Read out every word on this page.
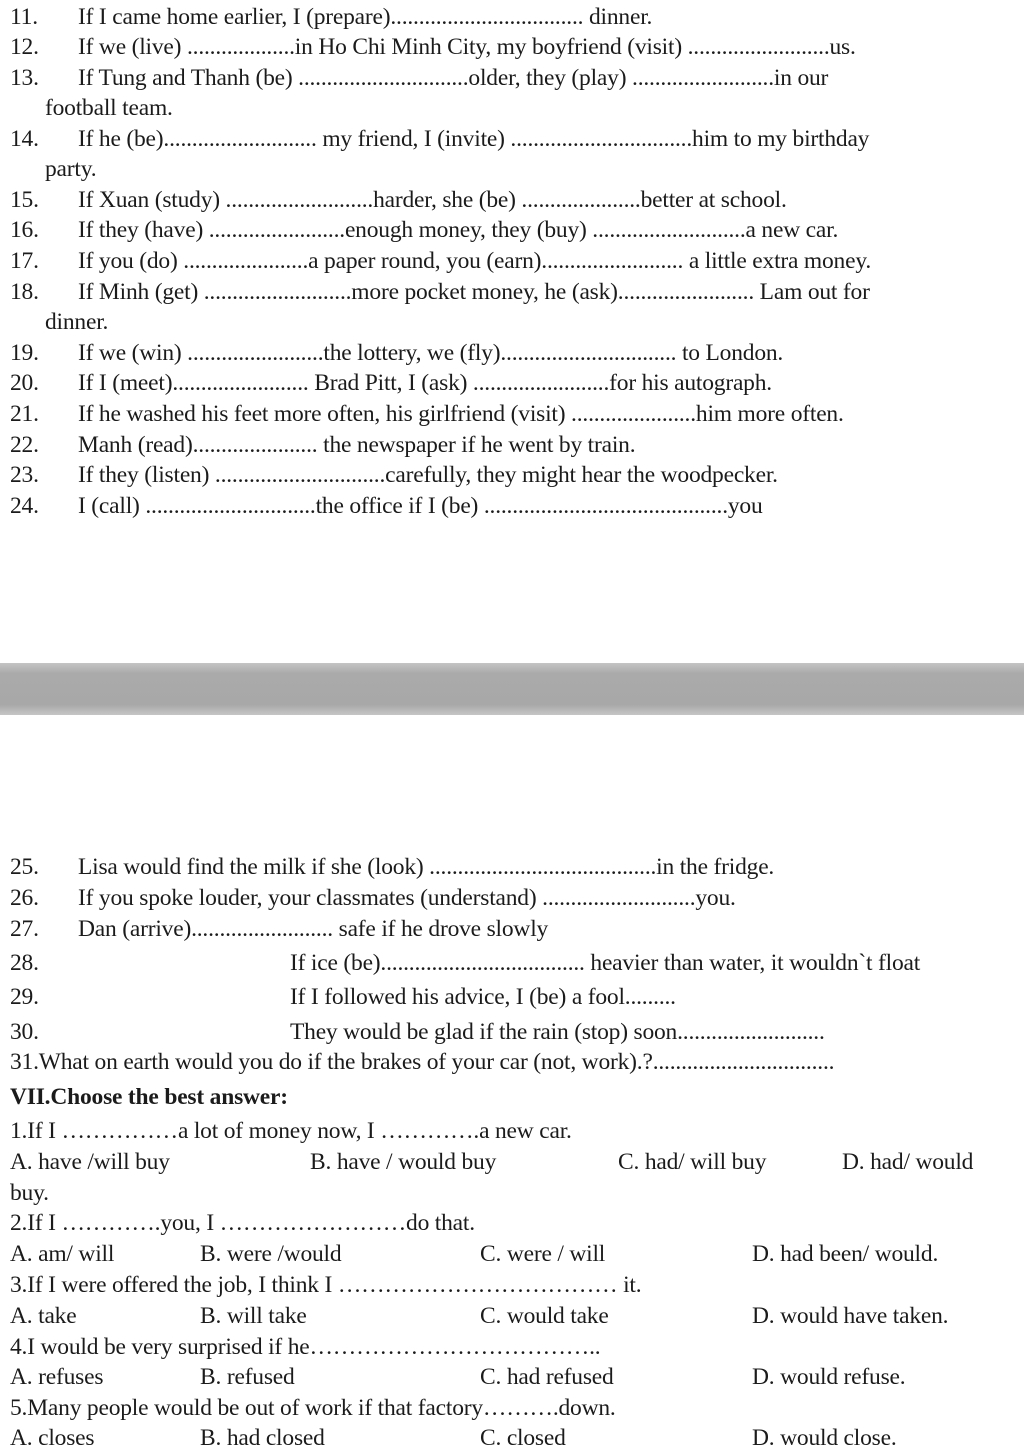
11. If I came home earlier, I (prepare).................................. dinner.
12. If we (live) ...................in Ho Chi Minh City, my boyfriend (visit) .........................us.
13. If Tung and Thanh (be) ..............................older, they (play) .........................in our
football team.
14. If he (be)........................... my friend, I (invite) ................................him to my birthday
party.
15. If Xuan (study) ..........................harder, she (be) .....................better at school.
16. If they (have) ........................enough money, they (buy) ...........................a new car.
17. If you (do) ......................a paper round, you (earn)......................... a little extra money.
18. If Minh (get) ..........................more pocket money, he (ask)........................ Lam out for
dinner.
19. If we (win) ........................the lottery, we (fly)............................... to London.
20. If I (meet)........................ Brad Pitt, I (ask) ........................for his autograph.
21. If he washed his feet more often, his girlfriend (visit) ......................him more often.
22. Manh (read)...................... the newspaper if he went by train.
23. If they (listen) ..............................carefully, they might hear the woodpecker.
24. I (call) ..............................the office if I (be) ...........................................you
25. Lisa would find the milk if she (look) ........................................in the fridge.
26. If you spoke louder, your classmates (understand) ...........................you.
27. Dan (arrive)......................... safe if he drove slowly
28.	If ice (be).................................... heavier than water, it wouldn`t float
29.	If I followed his advice, I (be) a fool.........
30.	They would be glad if the rain (stop) soon..........................
31.What on earth would you do if the brakes of your car (not, work).?................................
VII.Choose the best answer:
1.If I ……………a lot of money now, I ………….a new car.
A. have /will buy	B. have / would buy	C. had/ will buy	D. had/ would
buy.
2.If I ………….you, I ……………………do that.
A. am/ will	B. were /would	C. were / will	D. had been/ would.
3.If I were offered the job, I think I ……………………………… it.
A. take	B. will take	C. would take	D. would have taken.
4.I would be very surprised if he………………………………..
A. refuses	B. refused	C. had refused	D. would refuse.
5.Many people would be out of work if that factory……….down.
A. closes	B. had closed	C. closed	D. would close.
